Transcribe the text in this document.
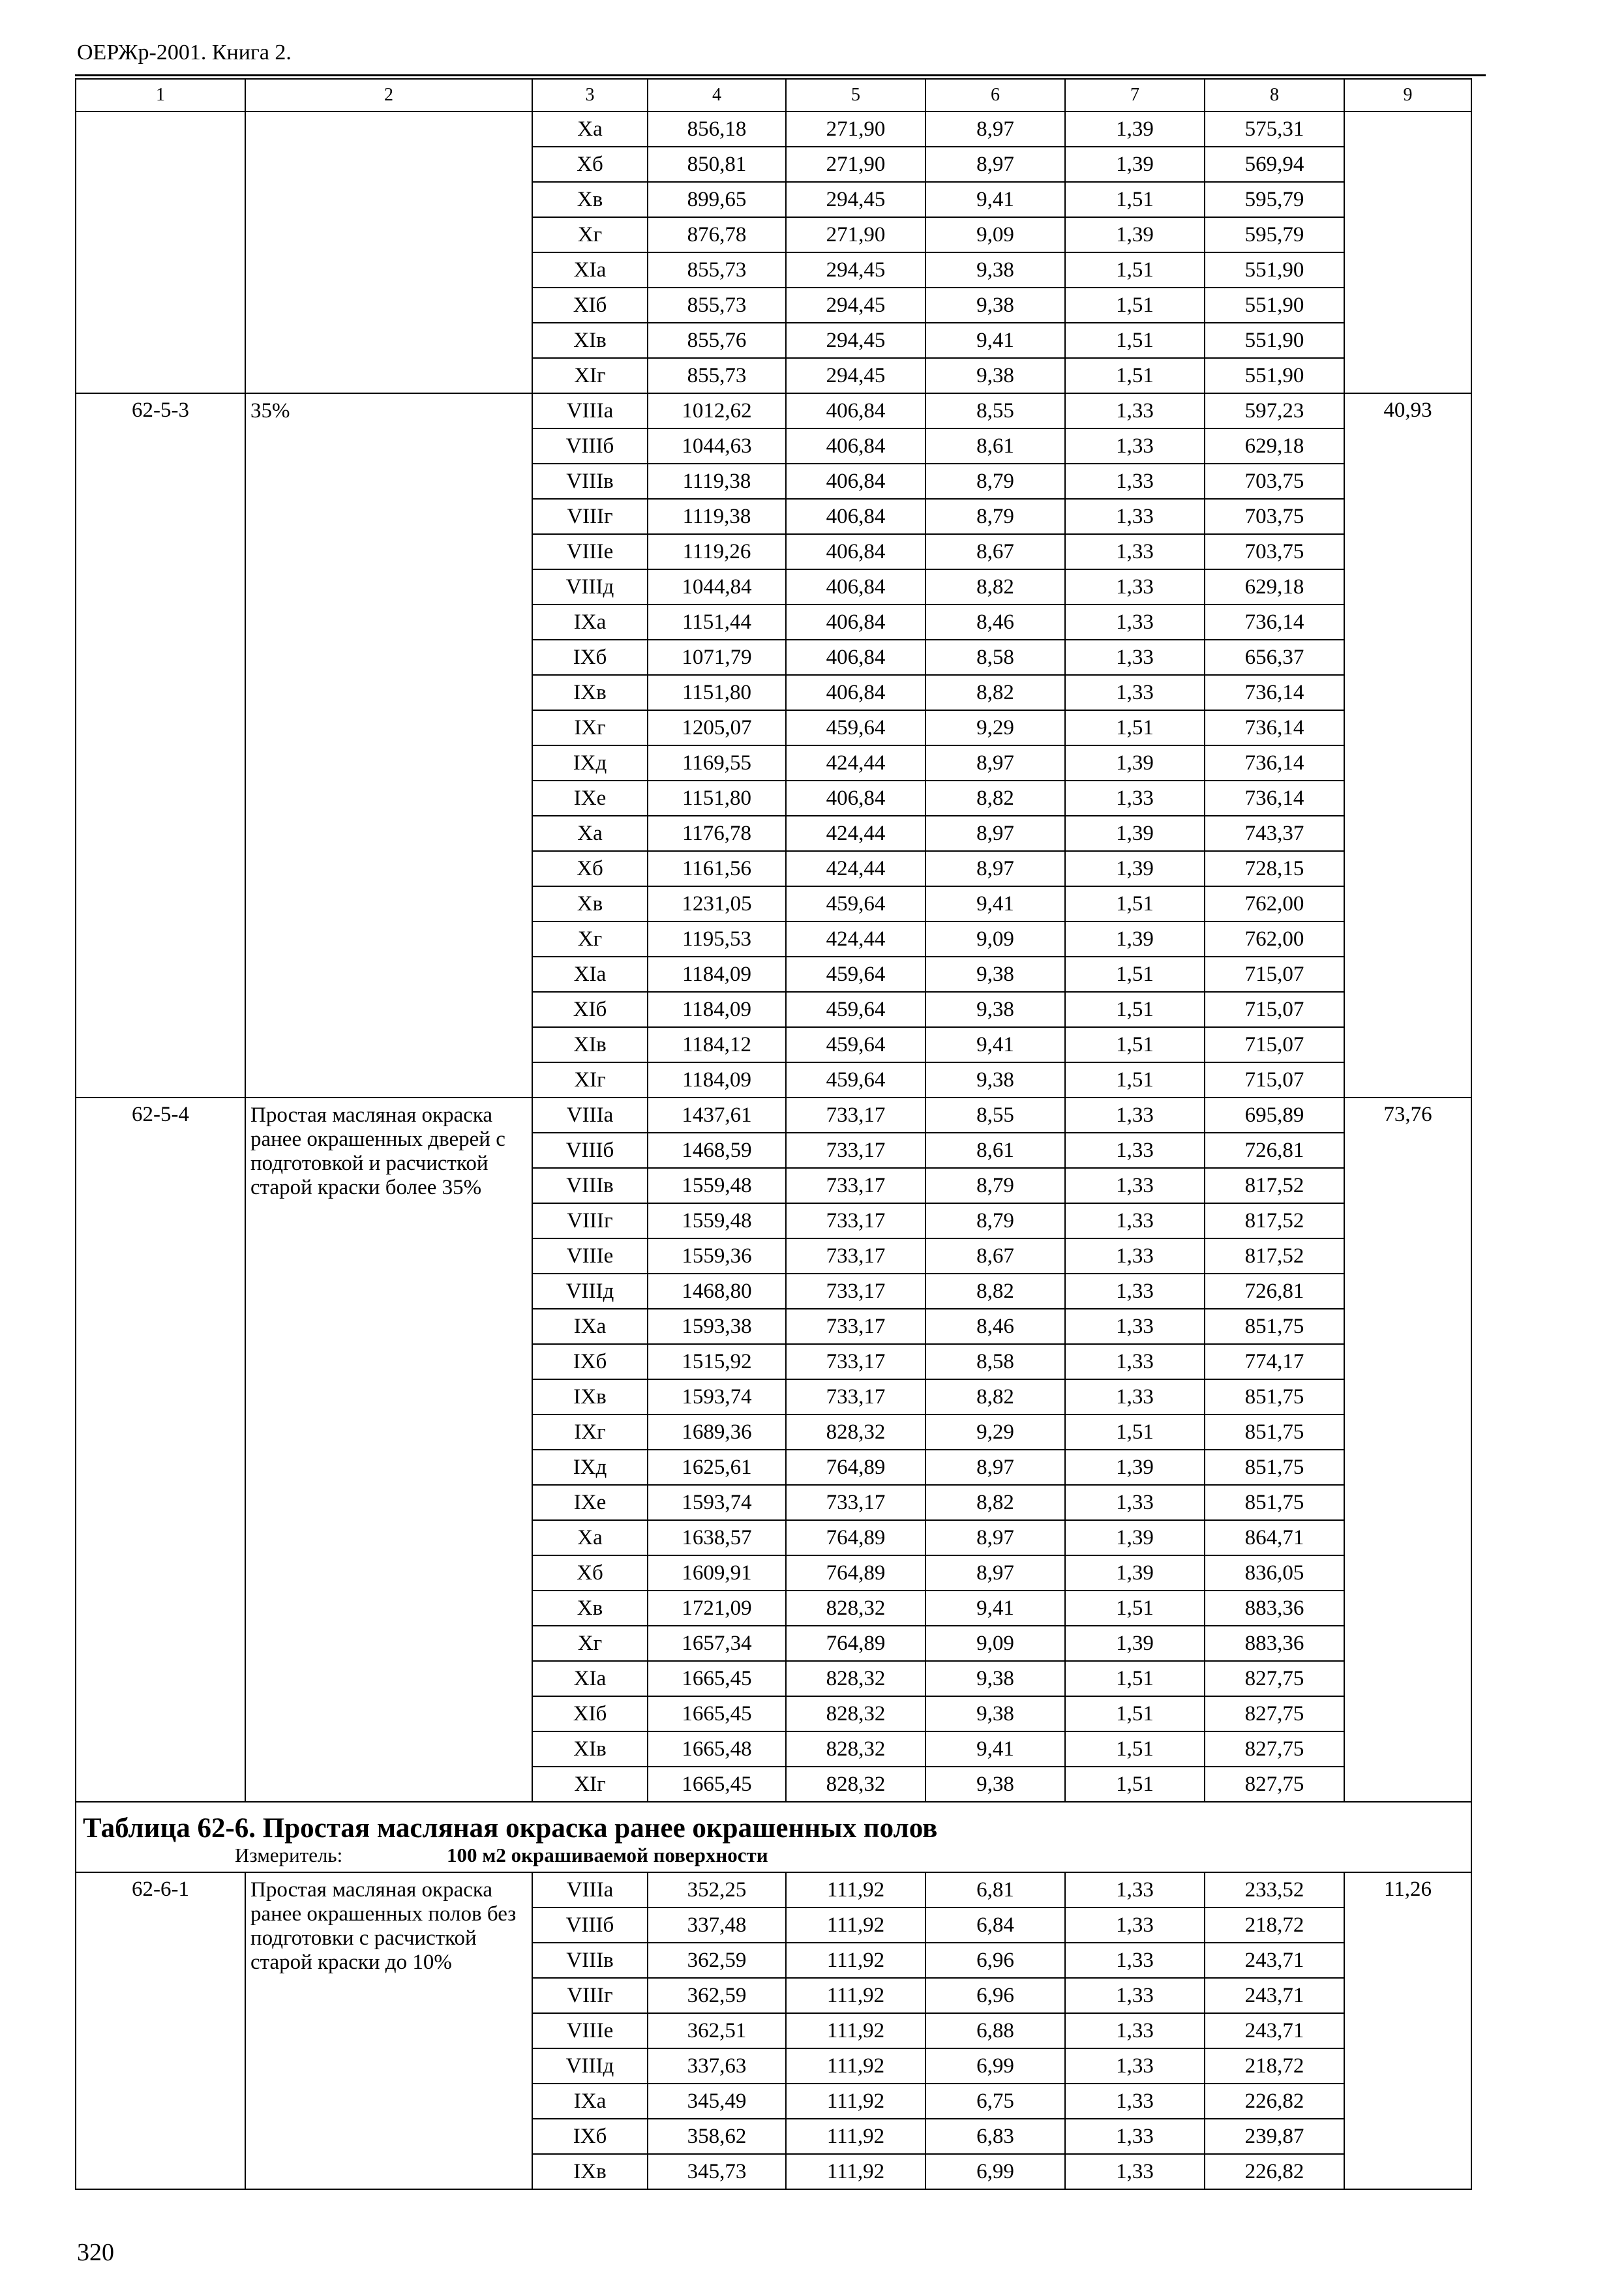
ОЕРЖр-2001. Книга 2.
1	2	3	4	5	6	7	8	9
		Ха	856,18	271,90	8,97	1,39	575,31	
		Хб	850,81	271,90	8,97	1,39	569,94	
		Хв	899,65	294,45	9,41	1,51	595,79	
		Хг	876,78	271,90	9,09	1,39	595,79	
		XIа	855,73	294,45	9,38	1,51	551,90	
		XIб	855,73	294,45	9,38	1,51	551,90	
		XIв	855,76	294,45	9,41	1,51	551,90	
		XIг	855,73	294,45	9,38	1,51	551,90	
62-5-3	35%	VIIIа	1012,62	406,84	8,55	1,33	597,23	40,93
		VIIIб	1044,63	406,84	8,61	1,33	629,18	
		VIIIв	1119,38	406,84	8,79	1,33	703,75	
		VIIIг	1119,38	406,84	8,79	1,33	703,75	
		VIIIе	1119,26	406,84	8,67	1,33	703,75	
		VIIIд	1044,84	406,84	8,82	1,33	629,18	
		IXа	1151,44	406,84	8,46	1,33	736,14	
		IXб	1071,79	406,84	8,58	1,33	656,37	
		IXв	1151,80	406,84	8,82	1,33	736,14	
		IXг	1205,07	459,64	9,29	1,51	736,14	
		IXд	1169,55	424,44	8,97	1,39	736,14	
		IXе	1151,80	406,84	8,82	1,33	736,14	
		Ха	1176,78	424,44	8,97	1,39	743,37	
		Хб	1161,56	424,44	8,97	1,39	728,15	
		Хв	1231,05	459,64	9,41	1,51	762,00	
		Хг	1195,53	424,44	9,09	1,39	762,00	
		XIа	1184,09	459,64	9,38	1,51	715,07	
		XIб	1184,09	459,64	9,38	1,51	715,07	
		XIв	1184,12	459,64	9,41	1,51	715,07	
		XIг	1184,09	459,64	9,38	1,51	715,07	
62-5-4	Простая масляная окраска ранее окрашенных дверей с подготовкой и расчисткой старой краски более 35%	VIIIа	1437,61	733,17	8,55	1,33	695,89	73,76
		VIIIб	1468,59	733,17	8,61	1,33	726,81	
		VIIIв	1559,48	733,17	8,79	1,33	817,52	
		VIIIг	1559,48	733,17	8,79	1,33	817,52	
		VIIIе	1559,36	733,17	8,67	1,33	817,52	
		VIIIд	1468,80	733,17	8,82	1,33	726,81	
		IXа	1593,38	733,17	8,46	1,33	851,75	
		IXб	1515,92	733,17	8,58	1,33	774,17	
		IXв	1593,74	733,17	8,82	1,33	851,75	
		IXг	1689,36	828,32	9,29	1,51	851,75	
		IXд	1625,61	764,89	8,97	1,39	851,75	
		IXе	1593,74	733,17	8,82	1,33	851,75	
		Ха	1638,57	764,89	8,97	1,39	864,71	
		Хб	1609,91	764,89	8,97	1,39	836,05	
		Хв	1721,09	828,32	9,41	1,51	883,36	
		Хг	1657,34	764,89	9,09	1,39	883,36	
		XIа	1665,45	828,32	9,38	1,51	827,75	
		XIб	1665,45	828,32	9,38	1,51	827,75	
		XIв	1665,48	828,32	9,41	1,51	827,75	
		XIг	1665,45	828,32	9,38	1,51	827,75	
Таблица 62-6. Простая масляная окраска ранее окрашенных полов								
Измеритель: 100 м2 окрашиваемой поверхности								
62-6-1	Простая масляная окраска ранее окрашенных полов без подготовки с расчисткой старой краски до 10%	VIIIа	352,25	111,92	6,81	1,33	233,52	11,26
		VIIIб	337,48	111,92	6,84	1,33	218,72	
		VIIIв	362,59	111,92	6,96	1,33	243,71	
		VIIIг	362,59	111,92	6,96	1,33	243,71	
		VIIIе	362,51	111,92	6,88	1,33	243,71	
		VIIIд	337,63	111,92	6,99	1,33	218,72	
		IXа	345,49	111,92	6,75	1,33	226,82	
		IXб	358,62	111,92	6,83	1,33	239,87	
		IXв	345,73	111,92	6,99	1,33	226,82	
320
